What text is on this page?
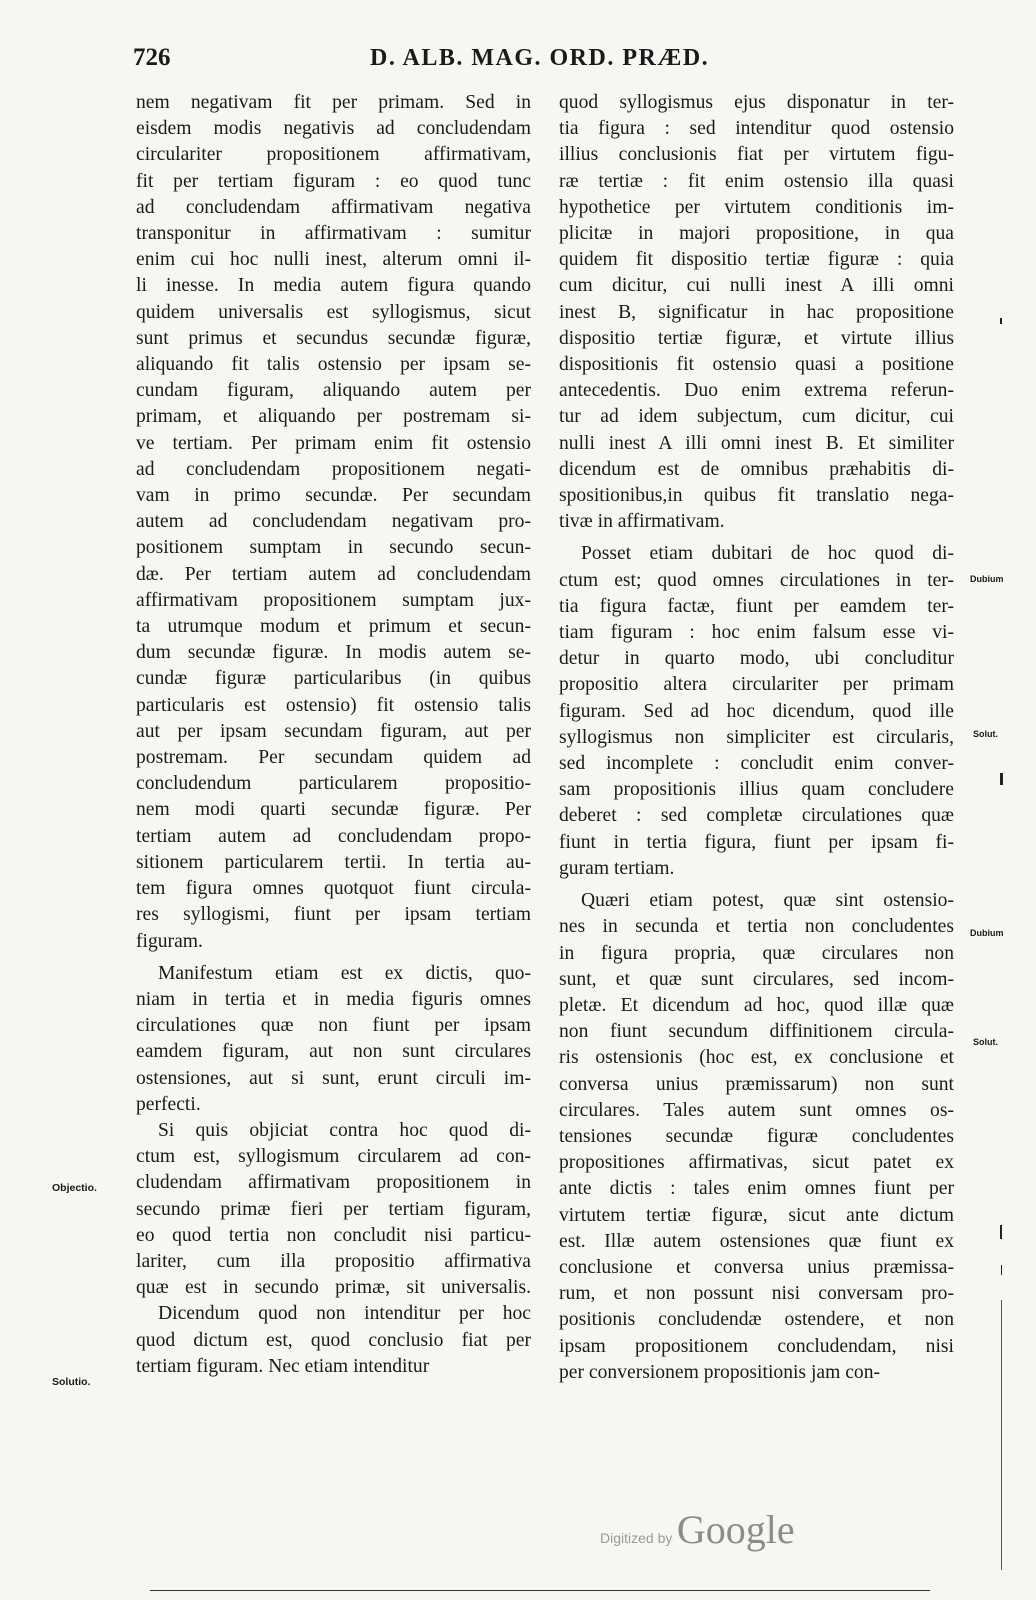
726	D. ALB. MAG. ORD. PRÆD.
nem negativam fit per primam. Sed in
eisdem modis negativis ad concludendam
circulariter propositionem affirmativam,
fit per tertiam figuram : eo quod tunc
ad concludendam affirmativam negativa
transponitur in affirmativam : sumitur
enim cui hoc nulli inest, alterum omni il-
li inesse. In media autem figura quando
quidem universalis est syllogismus, sicut
sunt primus et secundus secundæ figuræ,
aliquando fit talis ostensio per ipsam se-
cundam figuram, aliquando autem per
primam, et aliquando per postremam si-
ve tertiam. Per primam enim fit ostensio
ad concludendam propositionem negati-
vam in primo secundæ. Per secundam
autem ad concludendam negativam pro-
positionem sumptam in secundo secun-
dæ. Per tertiam autem ad concludendam
affirmativam propositionem sumptam jux-
ta utrumque modum et primum et secun-
dum secundæ figuræ. In modis autem se-
cundæ figuræ particularibus (in quibus
particularis est ostensio) fit ostensio talis
aut per ipsam secundam figuram, aut per
postremam. Per secundam quidem ad
concludendum particularem propositio-
nem modi quarti secundæ figuræ. Per
tertiam autem ad concludendam propo-
sitionem particularem tertii. In tertia au-
tem figura omnes quotquot fiunt circula-
res syllogismi, fiunt per ipsam tertiam
figuram.
Manifestum etiam est ex dictis, quo-
niam in tertia et in media figuris omnes
circulationes quæ non fiunt per ipsam
eamdem figuram, aut non sunt circulares
ostensiones, aut si sunt, erunt circuli im-
perfecti.
Si quis objiciat contra hoc quod di-
ctum est, syllogismum circularem ad con-
cludendam affirmativam propositionem in
secundo primæ fieri per tertiam figuram,
eo quod tertia non concludit nisi particu-
lariter, cum illa propositio affirmativa
quæ est in secundo primæ, sit universalis.
Dicendum quod non intenditur per hoc
quod dictum est, quod conclusio fiat per
tertiam figuram. Nec etiam intenditur
quod syllogismus ejus disponatur in ter-
tia figura : sed intenditur quod ostensio
illius conclusionis fiat per virtutem figu-
ræ tertiæ : fit enim ostensio illa quasi
hypothetice per virtutem conditionis im-
plicitæ in majori propositione, in qua
quidem fit dispositio tertiæ figuræ : quia
cum dicitur, cui nulli inest A illi omni
inest B, significatur in hac propositione
dispositio tertiæ figuræ, et virtute illius
dispositionis fit ostensio quasi a positione
antecedentis. Duo enim extrema referun-
tur ad idem subjectum, cum dicitur, cui
nulli inest A illi omni inest B. Et similiter
dicendum est de omnibus præhabitis di-
spositionibus,in quibus fit translatio nega-
tivæ in affirmativam.
Posset etiam dubitari de hoc quod di-
ctum est; quod omnes circulationes in ter-
tia figura factæ, fiunt per eamdem ter-
tiam figuram : hoc enim falsum esse vi-
detur in quarto modo, ubi concluditur
propositio altera circulariter per primam
figuram. Sed ad hoc dicendum, quod ille
syllogismus non simpliciter est circularis,
sed incomplete : concludit enim conver-
sam propositionis illius quam concludere
deberet : sed completæ circulationes quæ
fiunt in tertia figura, fiunt per ipsam fi-
guram tertiam.
Quæri etiam potest, quæ sint ostensio-
nes in secunda et tertia non concludentes
in figura propria, quæ circulares non
sunt, et quæ sunt circulares, sed incom-
pletæ. Et dicendum ad hoc, quod illæ quæ
non fiunt secundum diffinitionem circula-
ris ostensionis (hoc est, ex conclusione et
conversa unius præmissarum) non sunt
circulares. Tales autem sunt omnes os-
tensiones secundæ figuræ concludentes
propositiones affirmativas, sicut patet ex
ante dictis : tales enim omnes fiunt per
virtutem tertiæ figuræ, sicut ante dictum
est. Illæ autem ostensiones quæ fiunt ex
conclusione et conversa unius præmissa-
rum, et non possunt nisi conversam pro-
positionis concludendæ ostendere, et non
ipsam propositionem concludendam, nisi
per conversionem propositionis jam con-
Objectio.
Solutio.
Dubium
Solut.
Dubium
Solut.
Digitized by Google
